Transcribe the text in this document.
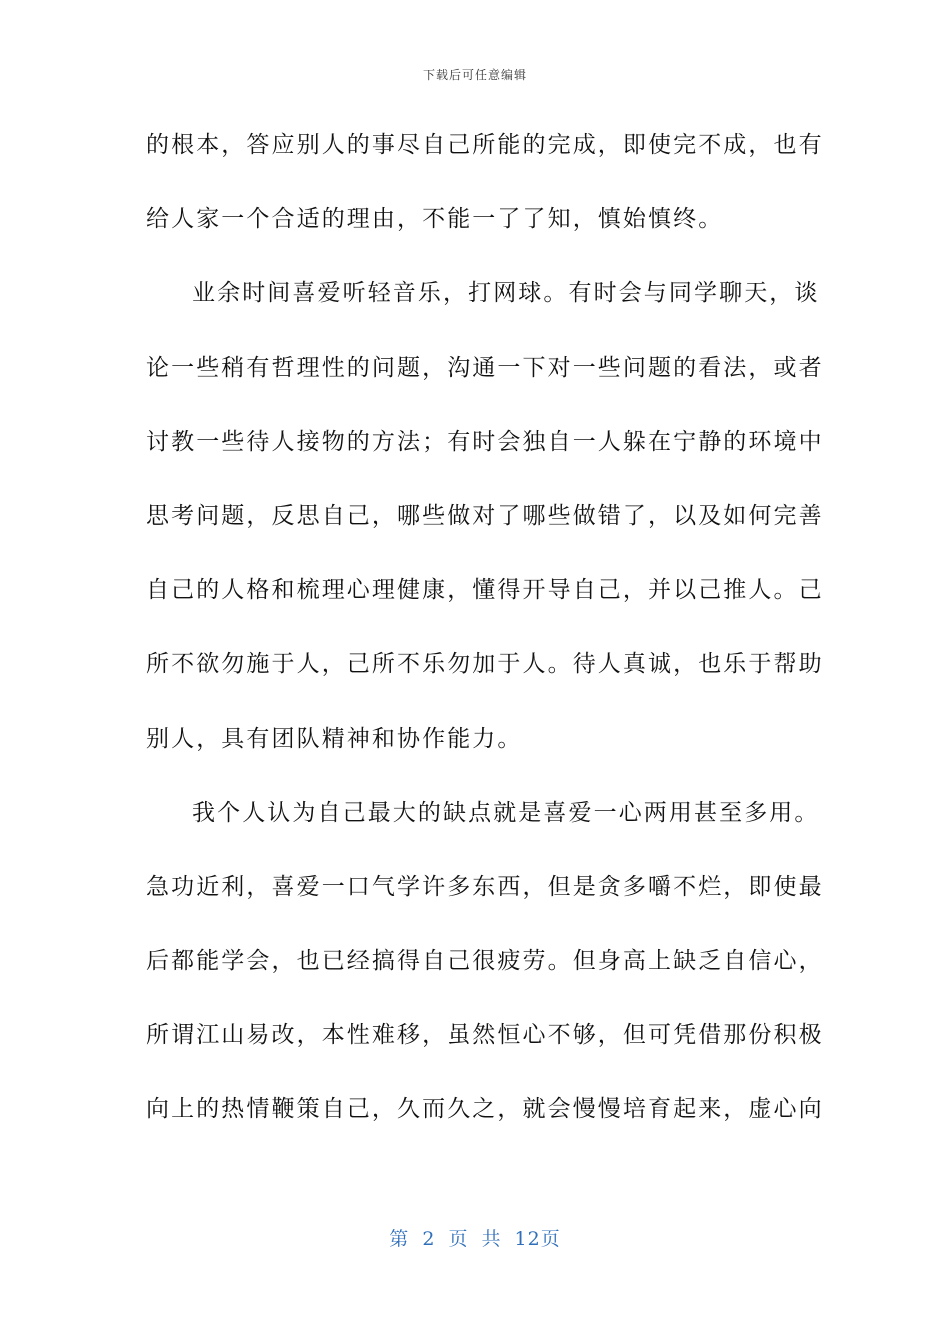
下载后可任意编辑
的根本，答应别人的事尽自己所能的完成，即使完不成，也有
给人家一个合适的理由，不能一了了知，慎始慎终。
业余时间喜爱听轻音乐，打网球。有时会与同学聊天，谈
论一些稍有哲理性的问题，沟通一下对一些问题的看法，或者
讨教一些待人接物的方法；有时会独自一人躲在宁静的环境中
思考问题，反思自己，哪些做对了哪些做错了，以及如何完善
自己的人格和梳理心理健康，懂得开导自己，并以己推人。己
所不欲勿施于人，己所不乐勿加于人。待人真诚，也乐于帮助
别人，具有团队精神和协作能力。
我个人认为自己最大的缺点就是喜爱一心两用甚至多用。
急功近利，喜爱一口气学许多东西，但是贪多嚼不烂，即使最
后都能学会，也已经搞得自己很疲劳。但身高上缺乏自信心，
所谓江山易改，本性难移，虽然恒心不够，但可凭借那份积极
向上的热情鞭策自己，久而久之，就会慢慢培育起来，虚心向
第 2 页 共 12页
